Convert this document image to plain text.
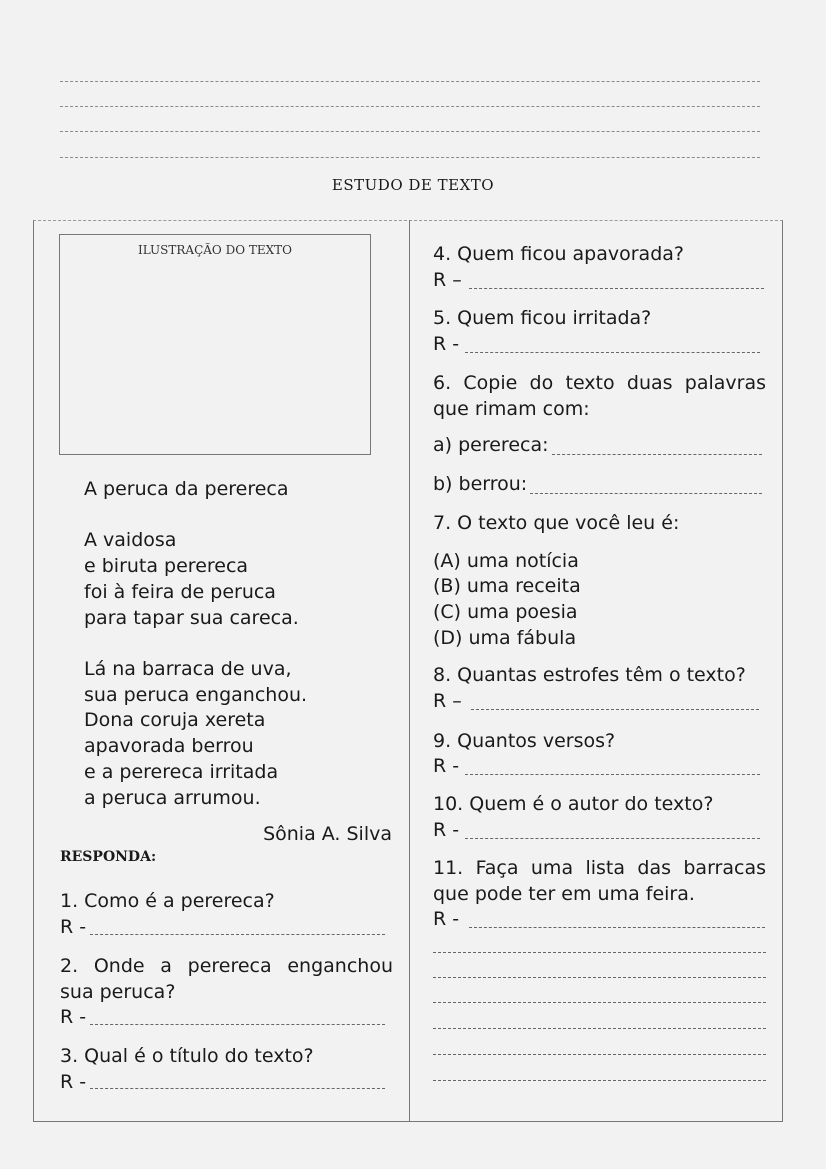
ESTUDO DE TEXTO
ILUSTRAÇÃO DO TEXTO
A peruca da perereca
A vaidosa
e biruta perereca
foi à feira de peruca
para tapar sua careca.
Lá na barraca de uva,
sua peruca enganchou.
Dona coruja xereta
apavorada berrou
e a perereca irritada
a peruca arrumou.
Sônia A. Silva
RESPONDA:
1. Como é a perereca?
R -
2. Onde a perereca enganchou sua peruca?
R -
3. Qual é o título do texto?
R -
4. Quem ficou apavorada?
R –
5. Quem ficou irritada?
R -
6. Copie do texto duas palavras que rimam com:
a) perereca:
b) berrou:
7. O texto que você leu é:
(A) uma notícia
(B) uma receita
(C) uma poesia
(D) uma fábula
8. Quantas estrofes têm o texto?
R –
9. Quantos versos?
R -
10. Quem é o autor do texto?
R -
11. Faça uma lista das barracas que pode ter em uma feira.
R -
